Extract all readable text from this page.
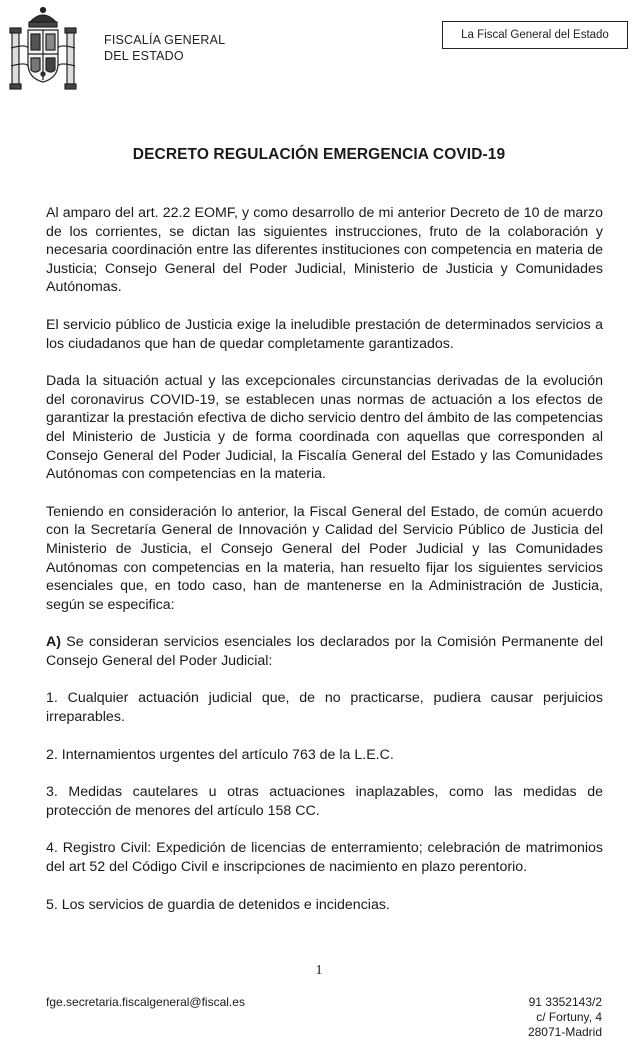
FISCALÍA GENERAL
DEL ESTADO
La Fiscal General del Estado
DECRETO REGULACIÓN EMERGENCIA COVID-19

Al amparo del art. 22.2 EOMF, y como desarrollo de mi anterior Decreto de 10 de marzo de los corrientes, se dictan las siguientes instrucciones, fruto de la colaboración y necesaria coordinación entre las diferentes instituciones con competencia en materia de Justicia; Consejo General del Poder Judicial, Ministerio de Justicia y Comunidades Autónomas.

El servicio público de Justicia exige la ineludible prestación de determinados servicios a los ciudadanos que han de quedar completamente garantizados.

Dada la situación actual y las excepcionales circunstancias derivadas de la evolución del coronavirus COVID-19, se establecen unas normas de actuación a los efectos de garantizar la prestación efectiva de dicho servicio dentro del ámbito de las competencias del Ministerio de Justicia y de forma coordinada con aquellas que corresponden al Consejo General del Poder Judicial, la Fiscalía General del Estado y las Comunidades Autónomas con competencias en la materia.

Teniendo en consideración lo anterior, la Fiscal General del Estado, de común acuerdo con la Secretaría General de Innovación y Calidad del Servicio Público de Justicia del Ministerio de Justicia, el Consejo General del Poder Judicial y las Comunidades Autónomas con competencias en la materia, han resuelto fijar los siguientes servicios esenciales que, en todo caso, han de mantenerse en la Administración de Justicia, según se especifica:

A) Se consideran servicios esenciales los declarados por la Comisión Permanente del Consejo General del Poder Judicial:

1. Cualquier actuación judicial que, de no practicarse, pudiera causar perjuicios irreparables.

2. Internamientos urgentes del artículo 763 de la L.E.C.

3. Medidas cautelares u otras actuaciones inaplazables, como las medidas de protección de menores del artículo 158 CC.

4. Registro Civil: Expedición de licencias de enterramiento; celebración de matrimonios del art 52 del Código Civil e inscripciones de nacimiento en plazo perentorio.

5. Los servicios de guardia de detenidos e incidencias.

1
fge.secretaria.fiscalgeneral@fiscal.es	91 3352143/2
c/ Fortuny, 4
28071-Madrid
